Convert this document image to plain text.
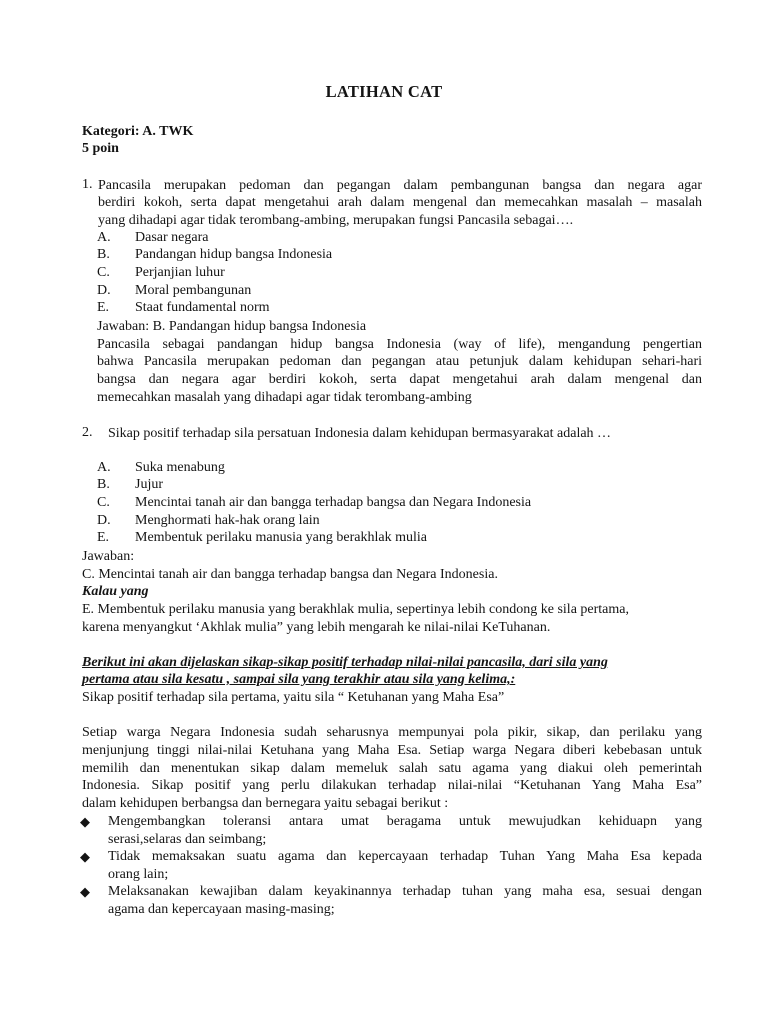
LATIHAN CAT
Kategori: A. TWK
5 poin
1. Pancasila merupakan pedoman dan pegangan dalam pembangunan bangsa dan negara agar
berdiri kokoh, serta dapat mengetahui arah dalam mengenal dan memecahkan masalah – masalah
yang dihadapi agar tidak terombang-ambing, merupakan fungsi Pancasila sebagai….
A. Dasar negara
B. Pandangan hidup bangsa Indonesia
C. Perjanjian luhur
D. Moral pembangunan
E. Staat fundamental norm
Jawaban: B. Pandangan hidup bangsa Indonesia
Pancasila sebagai pandangan hidup bangsa Indonesia (way of life), mengandung pengertian
bahwa Pancasila merupakan pedoman dan pegangan atau petunjuk dalam kehidupan sehari-hari
bangsa dan negara agar berdiri kokoh, serta dapat mengetahui arah dalam mengenal dan
memecahkan masalah yang dihadapi agar tidak terombang-ambing
2. Sikap positif terhadap sila persatuan Indonesia dalam kehidupan bermasyarakat adalah …
A. Suka menabung
B. Jujur
C. Mencintai tanah air dan bangga terhadap bangsa dan Negara Indonesia
D. Menghormati hak-hak orang lain
E. Membentuk perilaku manusia yang berakhlak mulia
Jawaban:
C. Mencintai tanah air dan bangga terhadap bangsa dan Negara Indonesia.
Kalau yang
E. Membentuk perilaku manusia yang berakhlak mulia, sepertinya lebih condong ke sila pertama,
karena menyangkut ‘Akhlak mulia” yang lebih mengarah ke nilai-nilai KeTuhanan.
Berikut ini akan dijelaskan sikap-sikap positif terhadap nilai-nilai pancasila, dari sila yang
pertama atau sila kesatu , sampai sila yang terakhir atau sila yang kelima,:
Sikap positif terhadap sila pertama, yaitu sila “ Ketuhanan yang Maha Esa”
Setiap warga Negara Indonesia sudah seharusnya mempunyai pola pikir, sikap, dan perilaku yang
menjunjung tinggi nilai-nilai Ketuhana yang Maha Esa. Setiap warga Negara diberi kebebasan untuk
memilih dan menentukan sikap dalam memeluk salah satu agama yang diakui oleh pemerintah
Indonesia. Sikap positif yang perlu dilakukan terhadap nilai-nilai “Ketuhanan Yang Maha Esa”
dalam kehidupen berbangsa dan bernegara yaitu sebagai berikut :
◆ Mengembangkan toleransi antara umat beragama untuk mewujudkan kehiduapn yang
serasi,selaras dan seimbang;
◆ Tidak memaksakan suatu agama dan kepercayaan terhadap Tuhan Yang Maha Esa kepada
orang lain;
◆ Melaksanakan kewajiban dalam keyakinannya terhadap tuhan yang maha esa, sesuai dengan
agama dan kepercayaan masing-masing;
